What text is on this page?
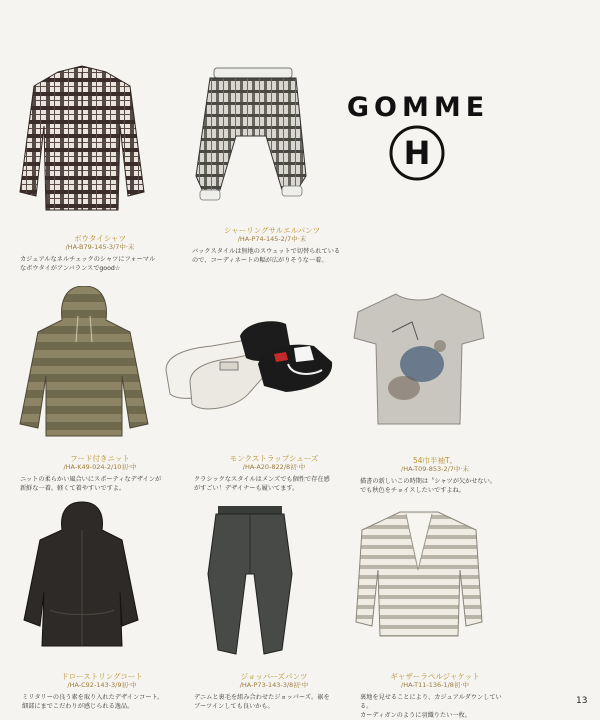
GOMME
H
ボウタイシャツ
/HA-B79-145-3/7中·末
カジュアルなネルチェックのシャツにフォーマル
なボウタイがアンバランスでgood☆
シャーリングサルエルパンツ
/HA-P74-145-2/7中·末
バックスタイルは無地のスウェットで切替られている
ので、コーディネートの幅が広がりそうな一着。
フード付きニット
/HA-K49-024-2/10初·中
ニットの柔らかい風合いにスポーティなデザインが
新鮮な一着。軽くて着やすいですよ。
モンクストラップシューズ
/HA-A20-822/8初·中
クラシックなスタイルはメンズでも個性で存在感
がすごい！デザイナーも履いてます。
54巾半袖T。
/HA-T09-853-2/7中·末
描書の新しいこの時期は〝シャツが欠かせない。
でも秋色をチョイスしたいですよね。
ドローストリングコート
/HA-C92-143-3/9初·中
ミリタリーの良う素を取り入れたデザインコート。
細部にまでこだわりが感じられる逸品。
ジョッパーズパンツ
/HA-P73-143-3/8初·中
デニムと裏毛を組み合わせたジョッパーズ。裾を
ブーツインしても良いかも。
ギャザーラペルジャケット
/HA-T11-136-1/8初·中
裏地を見せることにより、カジュアルダウンしている。
カーディガンのように羽織りたい一枚。
13
